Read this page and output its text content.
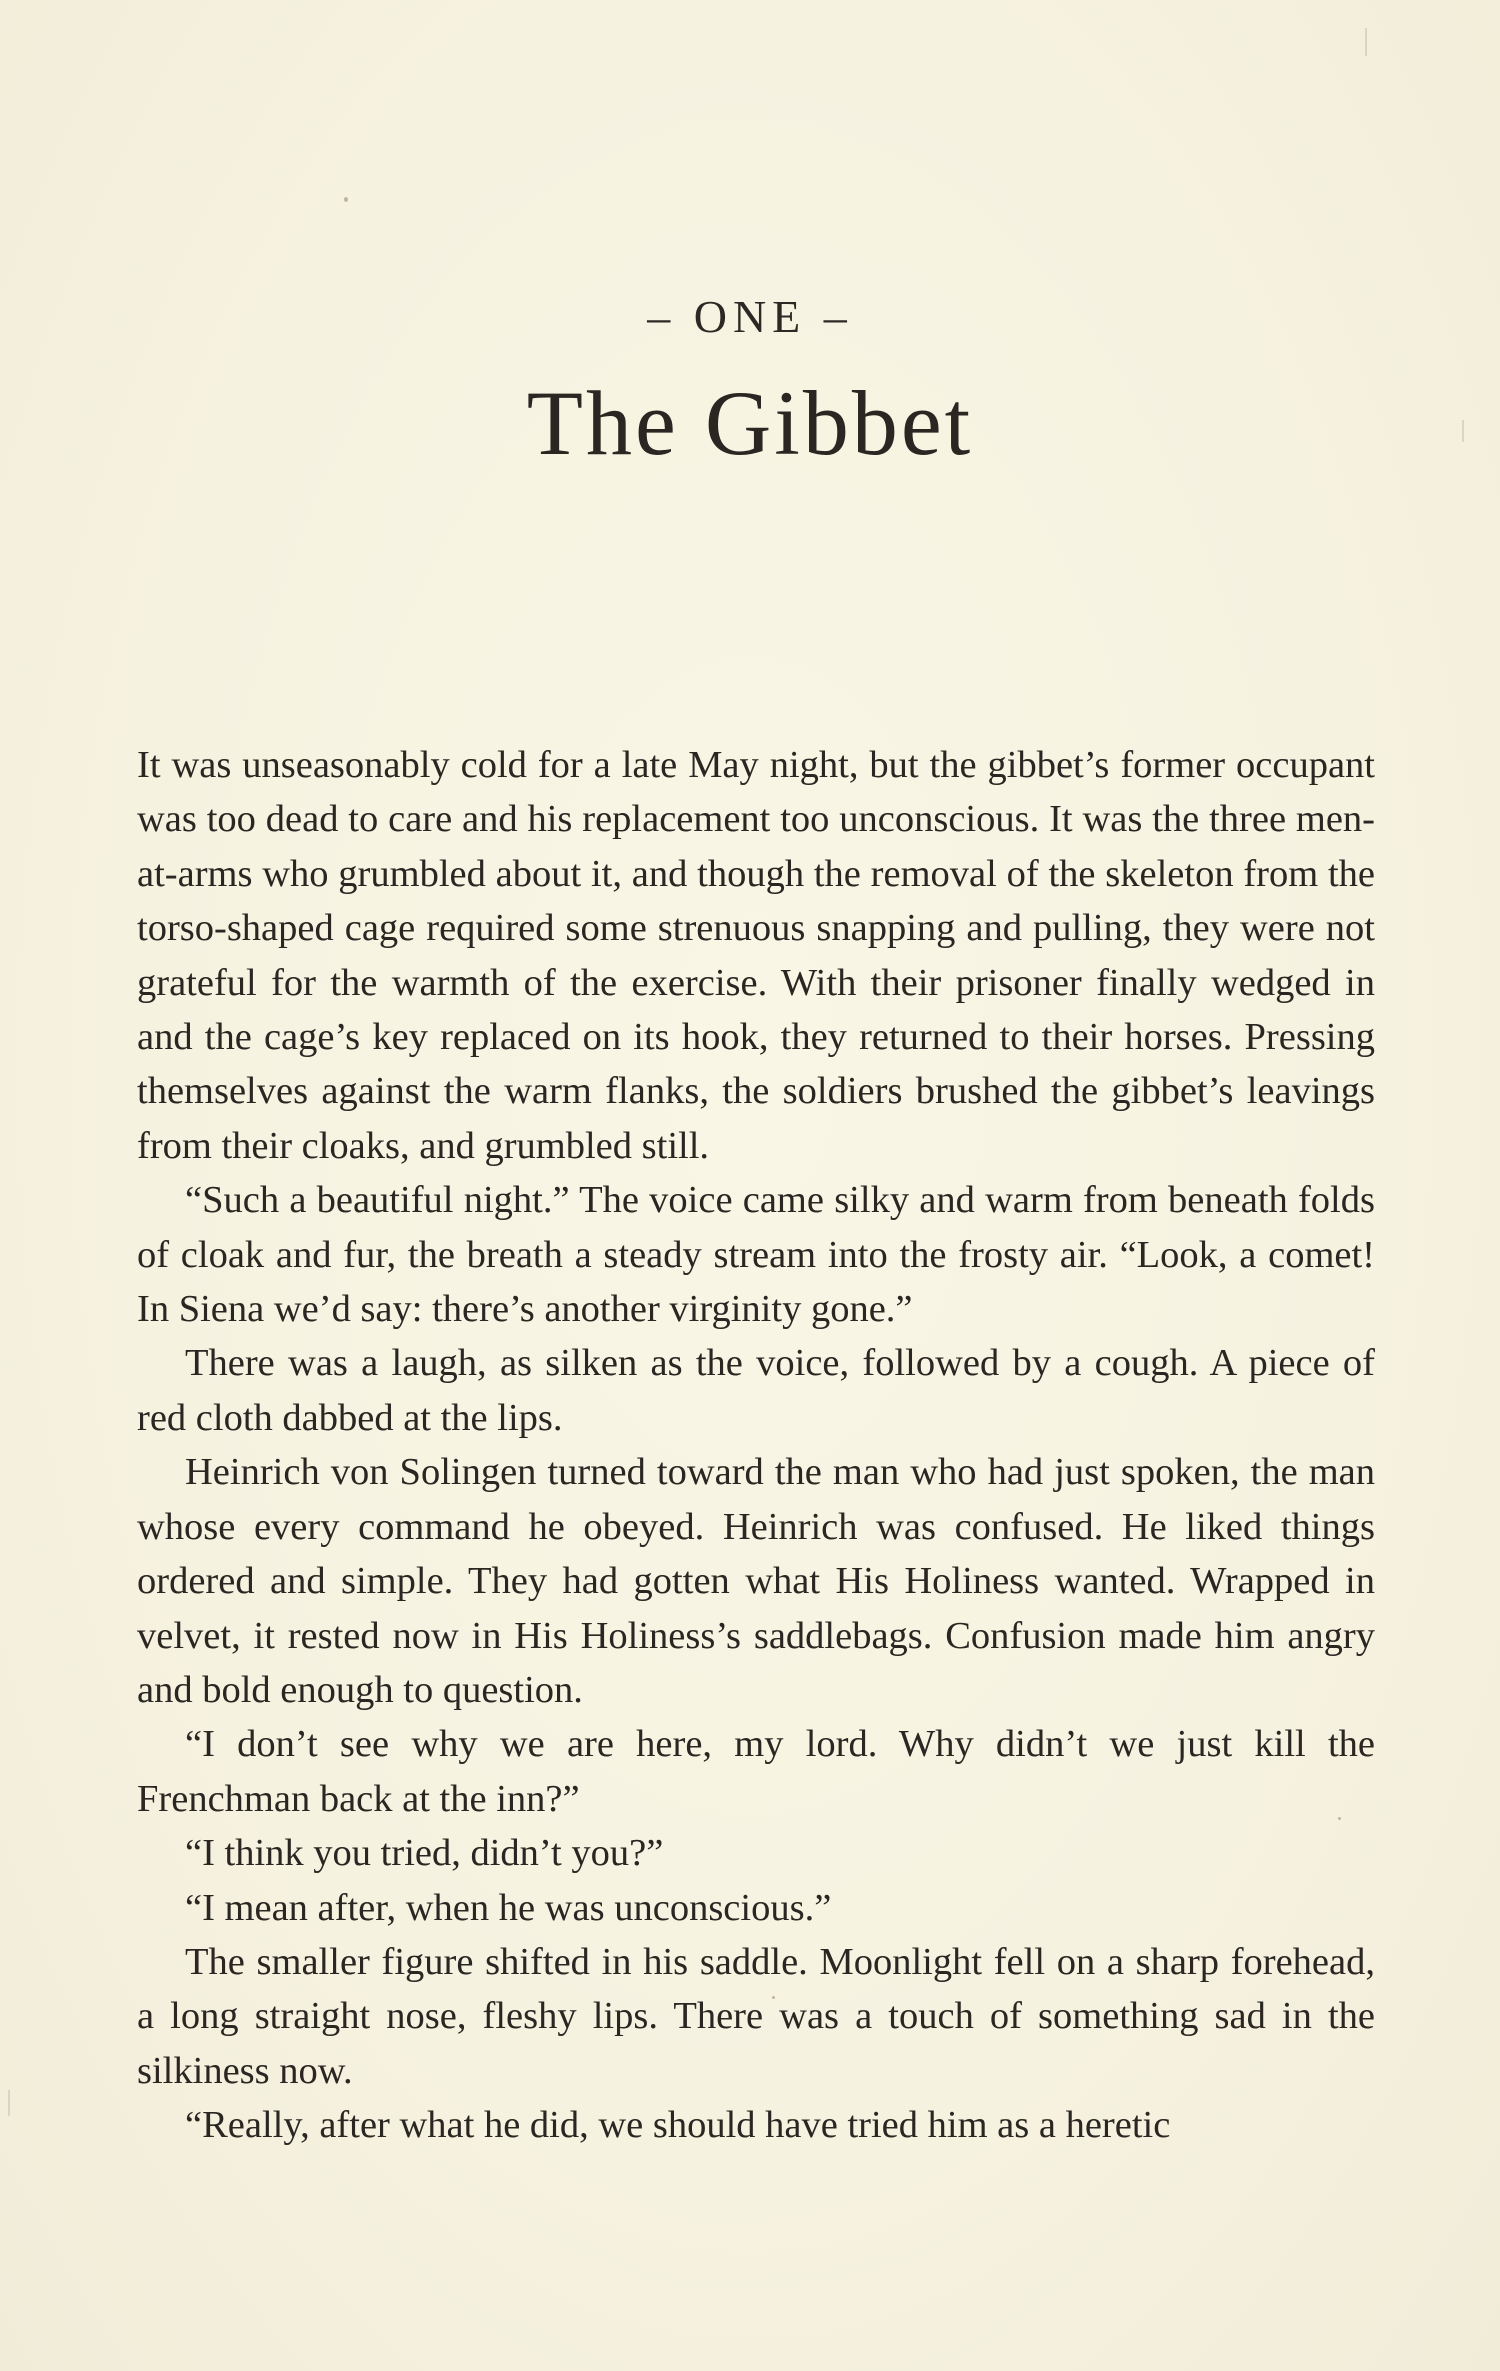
– ONE –
The Gibbet

It was unseasonably cold for a late May night, but the gibbet’s former occupant was too dead to care and his replacement too unconscious. It was the three men-at-arms who grumbled about it, and though the removal of the skeleton from the torso-shaped cage required some strenuous snapping and pulling, they were not grateful for the warmth of the exercise. With their prisoner finally wedged in and the cage’s key replaced on its hook, they returned to their horses. Pressing themselves against the warm flanks, the soldiers brushed the gibbet’s leavings from their cloaks, and grumbled still.

“Such a beautiful night.” The voice came silky and warm from beneath folds of cloak and fur, the breath a steady stream into the frosty air. “Look, a comet! In Siena we’d say: there’s another virginity gone.”

There was a laugh, as silken as the voice, followed by a cough. A piece of red cloth dabbed at the lips.

Heinrich von Solingen turned toward the man who had just spoken, the man whose every command he obeyed. Heinrich was confused. He liked things ordered and simple. They had gotten what His Holiness wanted. Wrapped in velvet, it rested now in His Holiness’s saddlebags. Confusion made him angry and bold enough to question.

“I don’t see why we are here, my lord. Why didn’t we just kill the Frenchman back at the inn?”

“I think you tried, didn’t you?”

“I mean after, when he was unconscious.”

The smaller figure shifted in his saddle. Moonlight fell on a sharp forehead, a long straight nose, fleshy lips. There was a touch of something sad in the silkiness now.

“Really, after what he did, we should have tried him as a heretic
